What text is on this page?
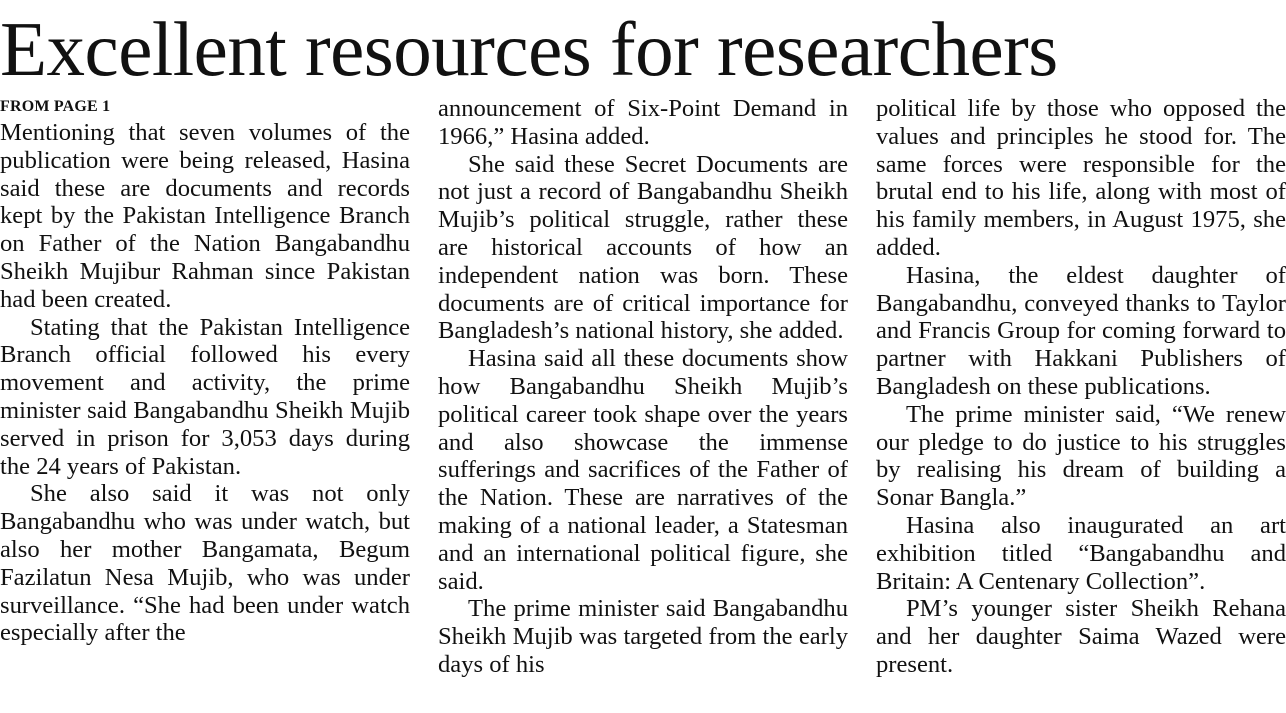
Excellent resources for researchers
FROM PAGE 1

Mentioning that seven volumes of the publication were being released, Hasina said these are documents and records kept by the Pakistan Intelligence Branch on Father of the Nation Bangabandhu Sheikh Mujibur Rahman since Pakistan had been created.

Stating that the Pakistan Intelligence Branch official followed his every movement and activity, the prime minister said Bangabandhu Sheikh Mujib served in prison for 3,053 days during the 24 years of Pakistan.

She also said it was not only Bangabandhu who was under watch, but also her mother Bangamata, Begum Fazilatun Nesa Mujib, who was under surveillance. “She had been under watch especially after the

announcement of Six-Point Demand in 1966,” Hasina added.

She said these Secret Documents are not just a record of Bangabandhu Sheikh Mujib’s political struggle, rather these are historical accounts of how an independent nation was born. These documents are of critical importance for Bangladesh’s national history, she added.

Hasina said all these documents show how Bangabandhu Sheikh Mujib’s political career took shape over the years and also showcase the immense sufferings and sacrifices of the Father of the Nation. These are narratives of the making of a national leader, a Statesman and an international political figure, she said.

The prime minister said Bangabandhu Sheikh Mujib was targeted from the early days of his

political life by those who opposed the values and principles he stood for. The same forces were responsible for the brutal end to his life, along with most of his family members, in August 1975, she added.

Hasina, the eldest daughter of Bangabandhu, conveyed thanks to Taylor and Francis Group for coming forward to partner with Hakkani Publishers of Bangladesh on these publications.

The prime minister said, “We renew our pledge to do justice to his struggles by realising his dream of building a Sonar Bangla.”

Hasina also inaugurated an art exhibition titled “Bangabandhu and Britain: A Centenary Collection”.

PM’s younger sister Sheikh Rehana and her daughter Saima Wazed were present.
